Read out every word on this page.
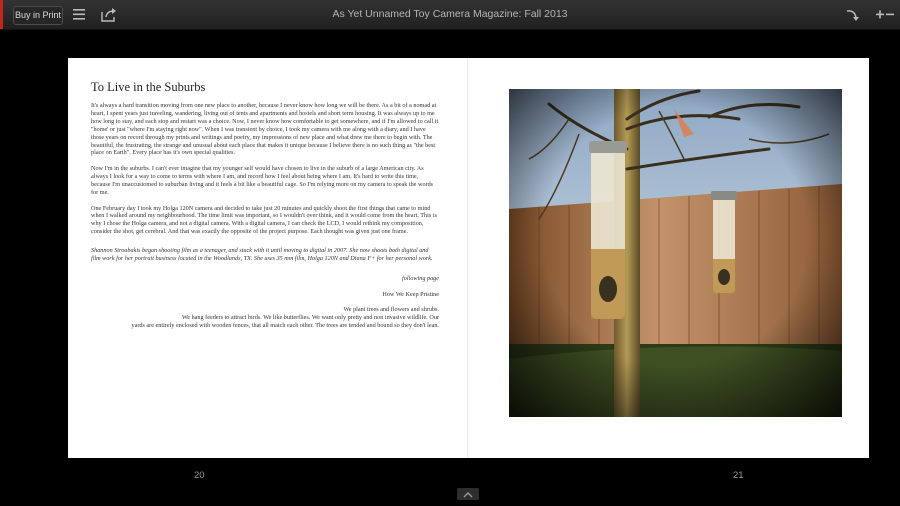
Buy in Print	As Yet Unnamed Toy Camera Magazine: Fall 2013
To Live in the Suburbs

It's always a hard transition moving from one new place to another, because I never know how long we will be there. As a bit of a nomad at heart, I spent years just traveling, wandering, living out of tents and apartments and hostels and short term housing. It was always up to me how long to stay, and each stop and restart was a choice. Now, I never know how comfortable to get somewhere, and if I'm allowed to call it "home' or just "where I'm staying right now". When I was transient by choice, I took my camera with me along with a diary, and I have those years on record through my prints and writings and poetry, my impressions of new place and what drew me there to begin with. The beautiful, the frustrating, the strange and unusual about each place that makes it unique because I believe there is no such thing as "the best place on Earth". Every place has it's own special qualities.

Now I'm in the suburbs. I can't ever imagine that my younger self would have chosen to live in the suburb of a large American city. As always I look for a way to come to terms with where I am, and record how I feel about being where I am. It's hard to write this time, because I'm unaccustomed to suburban living and it feels a bit like a beautiful cage. So I'm relying more on my camera to speak the words for me.

One February day I took my Holga 120N camera and decided to take just 20 minutes and quickly shoot the first things that came to mind when I walked around my neighbourhood. The time limit was important, so I wouldn't over think, and it would come from the heart. This is why I chose the Holga camera, and not a digital camera. With a digital camera, I can check the LCD, I would rethink my composition, consider the shot, get cerebral. And that was exactly the opposite of the project purpose. Each thought was given just one frame.

Shannon Stroubakis began shooting film as a teenager, and stuck with it until moving to digital in 2007. She now shoots both digital and film work for her portrait business located in the Woodlands, TX. She uses 35 mm film, Holga 120N and Diana F+ for her personal work.

following page

How We Keep Pristine

We plant trees and flowers and shrubs.
We hang feeders to attract birds. We like butterflies. We want only pretty and non invasive wildlife. Our
yards are entirely enclosed with wooden fences, that all match each other. The trees are tended and bound so they don't lean.
20	21
